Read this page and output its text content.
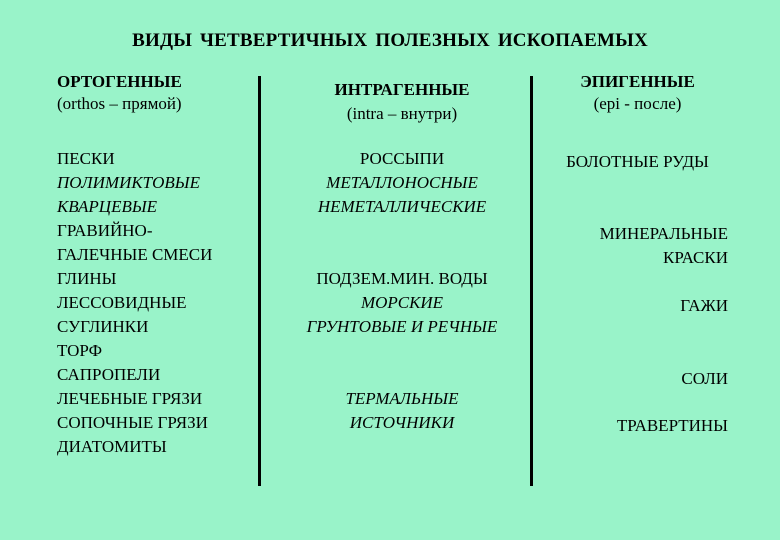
ВИДЫ ЧЕТВЕРТИЧНЫХ ПОЛЕЗНЫХ ИСКОПАЕМЫХ
ОРТОГЕННЫЕ
(orthos – прямой)
ИНТРАГЕННЫЕ
(intra – внутри)
ЭПИГЕННЫЕ
(epi - после)
ПЕСКИ
ПОЛИМИКТОВЫЕ
КВАРЦЕВЫЕ
ГРАВИЙНО-
ГАЛЕЧНЫЕ СМЕСИ
ГЛИНЫ
ЛЕССОВИДНЫЕ
СУГЛИНКИ
ТОРФ
САПРОПЕЛИ
ЛЕЧЕБНЫЕ ГРЯЗИ
СОПОЧНЫЕ ГРЯЗИ
ДИАТОМИТЫ
РОССЫПИ
МЕТАЛЛОНОСНЫЕ
НЕМЕТАЛЛИЧЕСКИЕ
ПОДЗЕМ.МИН. ВОДЫ
МОРСКИЕ
ГРУНТОВЫЕ И РЕЧНЫЕ
ТЕРМАЛЬНЫЕ
ИСТОЧНИКИ
БОЛОТНЫЕ РУДЫ
МИНЕРАЛЬНЫЕ
КРАСКИ
ГАЖИ
СОЛИ
ТРАВЕРТИНЫ
